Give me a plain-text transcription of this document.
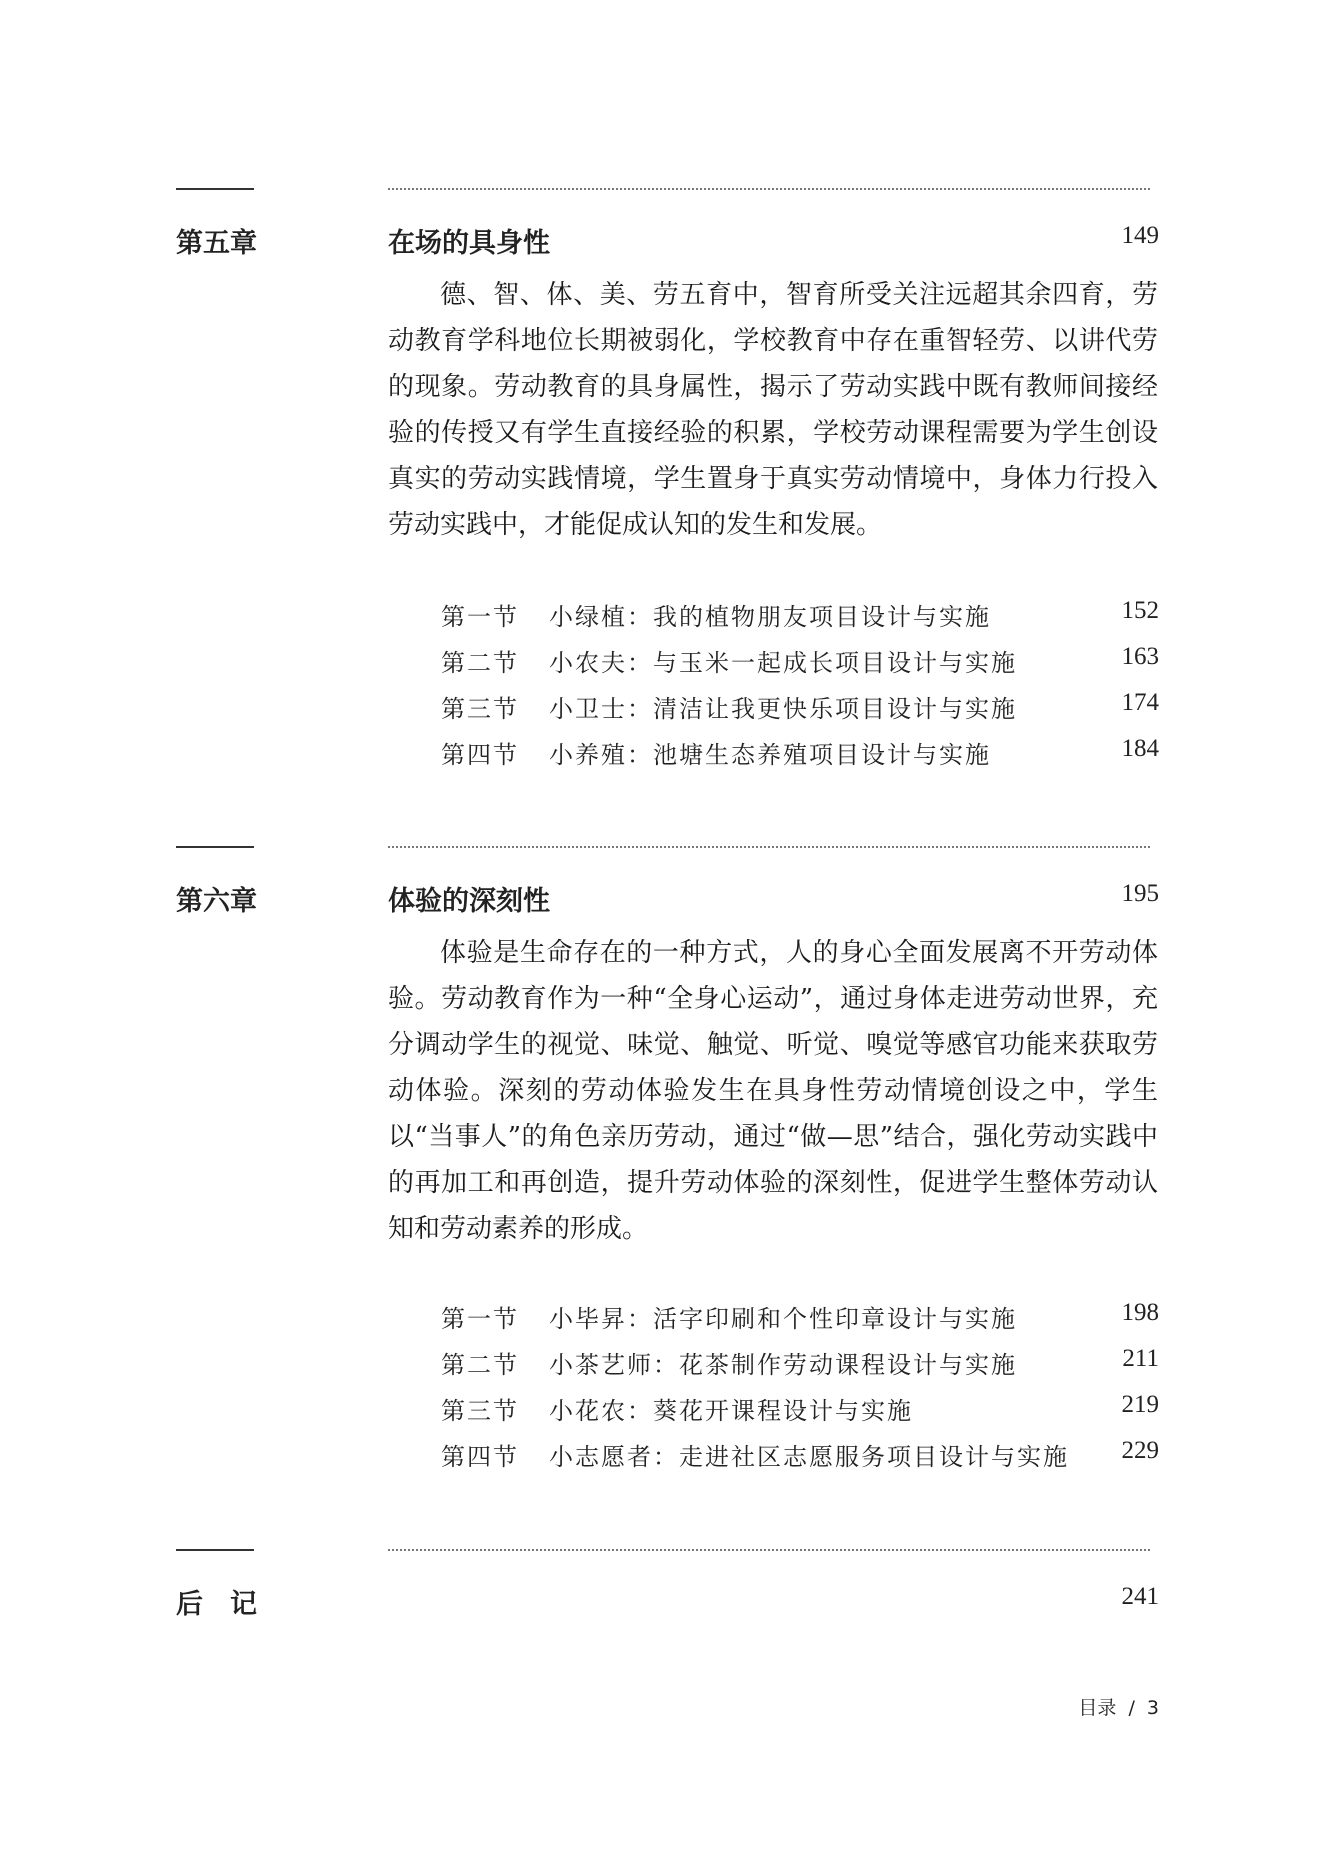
第五章	在场的具身性	149

德、智、体、美、劳五育中，智育所受关注远超其余四育，劳动教育学科地位长期被弱化，学校教育中存在重智轻劳、以讲代劳的现象。劳动教育的具身属性，揭示了劳动实践中既有教师间接经验的传授又有学生直接经验的积累，学校劳动课程需要为学生创设真实的劳动实践情境，学生置身于真实劳动情境中，身体力行投入劳动实践中，才能促成认知的发生和发展。

第一节 小绿植：我的植物朋友项目设计与实施	152
第二节 小农夫：与玉米一起成长项目设计与实施	163
第三节 小卫士：清洁让我更快乐项目设计与实施	174
第四节 小养殖：池塘生态养殖项目设计与实施	184
第六章	体验的深刻性	195

体验是生命存在的一种方式，人的身心全面发展离不开劳动体验。劳动教育作为一种“全身心运动”，通过身体走进劳动世界，充分调动学生的视觉、味觉、触觉、听觉、嗅觉等感官功能来获取劳动体验。深刻的劳动体验发生在具身性劳动情境创设之中，学生以“当事人”的角色亲历劳动，通过“做—思”结合，强化劳动实践中的再加工和再创造，提升劳动体验的深刻性，促进学生整体劳动认知和劳动素养的形成。

第一节 小毕昇：活字印刷和个性印章设计与实施	198
第二节 小茶艺师：花茶制作劳动课程设计与实施	211
第三节 小花农：葵花开课程设计与实施	219
第四节 小志愿者：走进社区志愿服务项目设计与实施 229
后　记	241
目录 / 3
